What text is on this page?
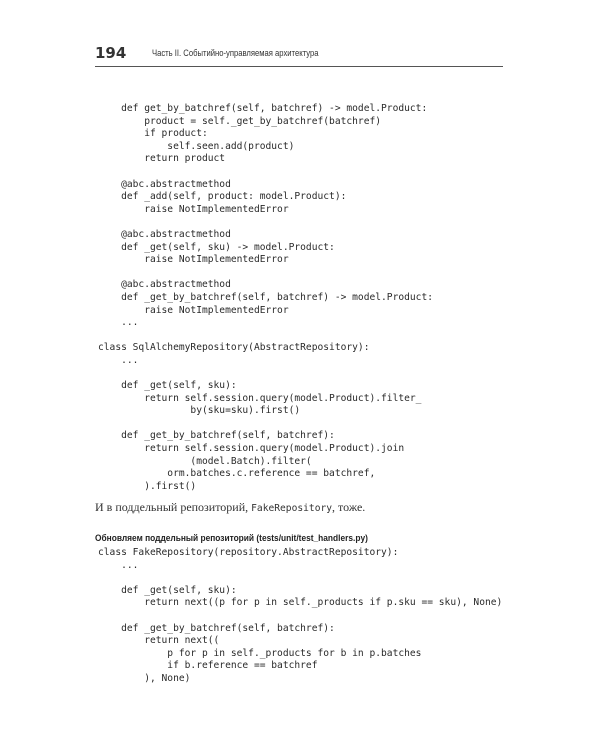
194	Часть II. Событийно-управляемая архитектура
def get_by_batchref(self, batchref) -> model.Product:
product = self._get_by_batchref(batchref)
if product:
self.seen.add(product)
return product
@abc.abstractmethod
def _add(self, product: model.Product):
raise NotImplementedError
@abc.abstractmethod
def _get(self, sku) -> model.Product:
raise NotImplementedError
@abc.abstractmethod
def _get_by_batchref(self, batchref) -> model.Product:
raise NotImplementedError
...
class SqlAlchemyRepository(AbstractRepository):
...
def _get(self, sku):
return self.session.query(model.Product).filter_
by(sku=sku).first()
def _get_by_batchref(self, batchref):
return self.session.query(model.Product).join
(model.Batch).filter(
orm.batches.c.reference == batchref,
).first()
И в поддельный репозиторий, FakeRepository, тоже.
Обновляем поддельный репозиторий (tests/unit/test_handlers.py)
class FakeRepository(repository.AbstractRepository):
...
def _get(self, sku):
return next((p for p in self._products if p.sku == sku), None)
def _get_by_batchref(self, batchref):
return next((
p for p in self._products for b in p.batches
if b.reference == batchref
), None)
